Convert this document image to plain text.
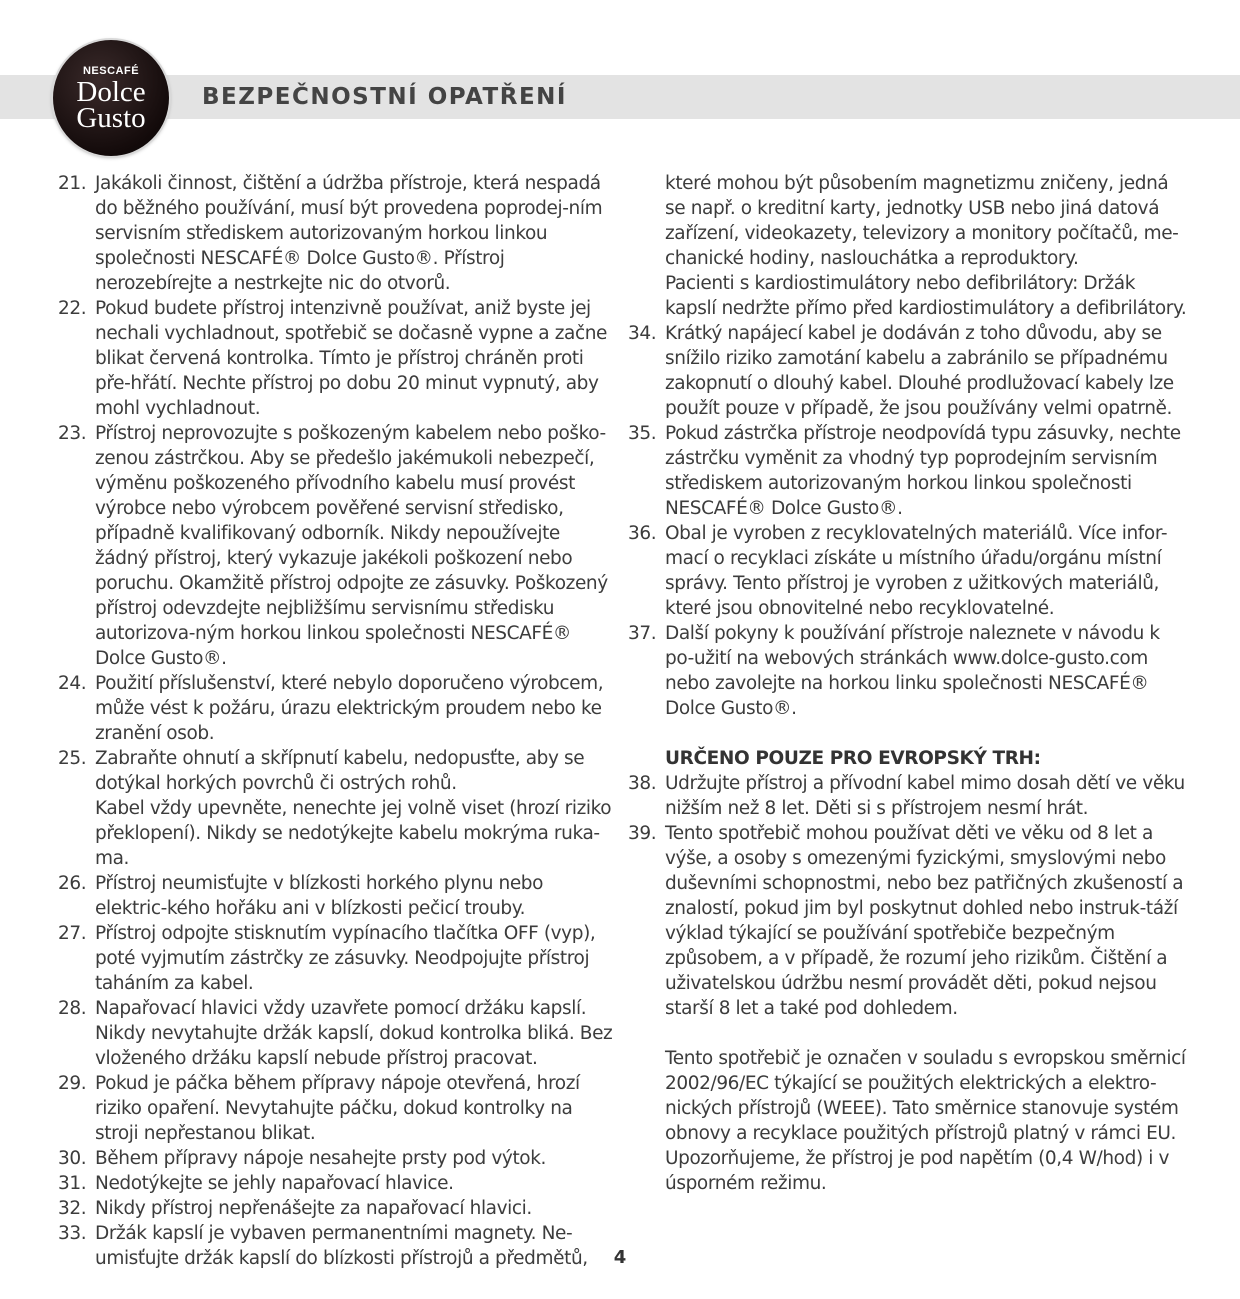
NESCAFÉ
Dolce
Gusto
BEZPEČNOSTNÍ OPATŘENÍ
21. Jakákoli činnost, čištění a údržba přístroje, která nespadá do běžného používání, musí být provedena poprodej-ním servisním střediskem autorizovaným horkou linkou společnosti NESCAFÉ® Dolce Gusto®. Přístroj nerozebírejte a nestrkejte nic do otvorů.

22. Pokud budete přístroj intenzivně používat, aniž byste jej nechali vychladnout, spotřebič se dočasně vypne a začne blikat červená kontrolka. Tímto je přístroj chráněn proti pře-hřátí. Nechte přístroj po dobu 20 minut vypnutý, aby mohl vychladnout.

23. Přístroj neprovozujte s poškozeným kabelem nebo poško-zenou zástrčkou. Aby se předešlo jakémukoli nebezpečí, výměnu poškozeného přívodního kabelu musí provést výrobce nebo výrobcem pověřené servisní středisko, případně kvalifikovaný odborník. Nikdy nepoužívejte žádný přístroj, který vykazuje jakékoli poškození nebo poruchu. Okamžitě přístroj odpojte ze zásuvky. Poškozený přístroj odevzdejte nejbližšímu servisnímu středisku autorizova-ným horkou linkou společnosti NESCAFÉ® Dolce Gusto®.

24. Použití příslušenství, které nebylo doporučeno výrobcem, může vést k požáru, úrazu elektrickým proudem nebo ke zranění osob.

25. Zabraňte ohnutí a skřípnutí kabelu, nedopusťte, aby se dotýkal horkých povrchů či ostrých rohů.

Kabel vždy upevněte, nenechte jej volně viset (hrozí riziko překlopení). Nikdy se nedotýkejte kabelu mokrýma ruka-ma.

26. Přístroj neumisťujte v blízkosti horkého plynu nebo elektric-kého hořáku ani v blízkosti pečicí trouby.

27. Přístroj odpojte stisknutím vypínacího tlačítka OFF (vyp), poté vyjmutím zástrčky ze zásuvky. Neodpojujte přístroj taháním za kabel.

28. Napařovací hlavici vždy uzavřete pomocí držáku kapslí. Nikdy nevytahujte držák kapslí, dokud kontrolka bliká. Bez vloženého držáku kapslí nebude přístroj pracovat.

29. Pokud je páčka během přípravy nápoje otevřená, hrozí riziko opaření. Nevytahujte páčku, dokud kontrolky na stroji nepřestanou blikat.

30. Během přípravy nápoje nesahejte prsty pod výtok.

31. Nedotýkejte se jehly napařovací hlavice.

32. Nikdy přístroj nepřenášejte za napařovací hlavici.

33. Držák kapslí je vybaven permanentními magnety. Ne-umisťujte držák kapslí do blízkosti přístrojů a předmětů,

které mohou být působením magnetizmu zničeny, jedná se např. o kreditní karty, jednotky USB nebo jiná datová zařízení, videokazety, televizory a monitory počítačů, me-chanické hodiny, naslouchátka a reproduktory.

Pacienti s kardiostimulátory nebo defibrilátory: Držák kapslí nedržte přímo před kardiostimulátory a defibrilátory.

34. Krátký napájecí kabel je dodáván z toho důvodu, aby se snížilo riziko zamotání kabelu a zabránilo se případnému zakopnutí o dlouhý kabel. Dlouhé prodlužovací kabely lze použít pouze v případě, že jsou používány velmi opatrně.

35. Pokud zástrčka přístroje neodpovídá typu zásuvky, nechte zástrčku vyměnit za vhodný typ poprodejním servisním střediskem autorizovaným horkou linkou společnosti NESCAFÉ® Dolce Gusto®.

36. Obal je vyroben z recyklovatelných materiálů. Více infor-mací o recyklaci získáte u místního úřadu/orgánu místní správy. Tento přístroj je vyroben z užitkových materiálů, které jsou obnovitelné nebo recyklovatelné.

37. Další pokyny k používání přístroje naleznete v návodu k po-užití na webových stránkách www.dolce-gusto.com nebo zavolejte na horkou linku společnosti NESCAFÉ® Dolce Gusto®.

URČENO POUZE PRO EVROPSKÝ TRH:

38. Udržujte přístroj a přívodní kabel mimo dosah dětí ve věku nižším než 8 let. Děti si s přístrojem nesmí hrát.

39. Tento spotřebič mohou používat děti ve věku od 8 let a výše, a osoby s omezenými fyzickými, smyslovými nebo duševními schopnostmi, nebo bez patřičných zkušeností a znalostí, pokud jim byl poskytnut dohled nebo instruk-táží výklad týkající se používání spotřebiče bezpečným způsobem, a v případě, že rozumí jeho rizikům. Čištění a uživatelskou údržbu nesmí provádět děti, pokud nejsou starší 8 let a také pod dohledem.

Tento spotřebič je označen v souladu s evropskou směrnicí 2002/96/EC týkající se použitých elektrických a elektro-nických přístrojů (WEEE). Tato směrnice stanovuje systém obnovy a recyklace použitých přístrojů platný v rámci EU. Upozorňujeme, že přístroj je pod napětím (0,4 W/hod) i v úsporném režimu.

4
